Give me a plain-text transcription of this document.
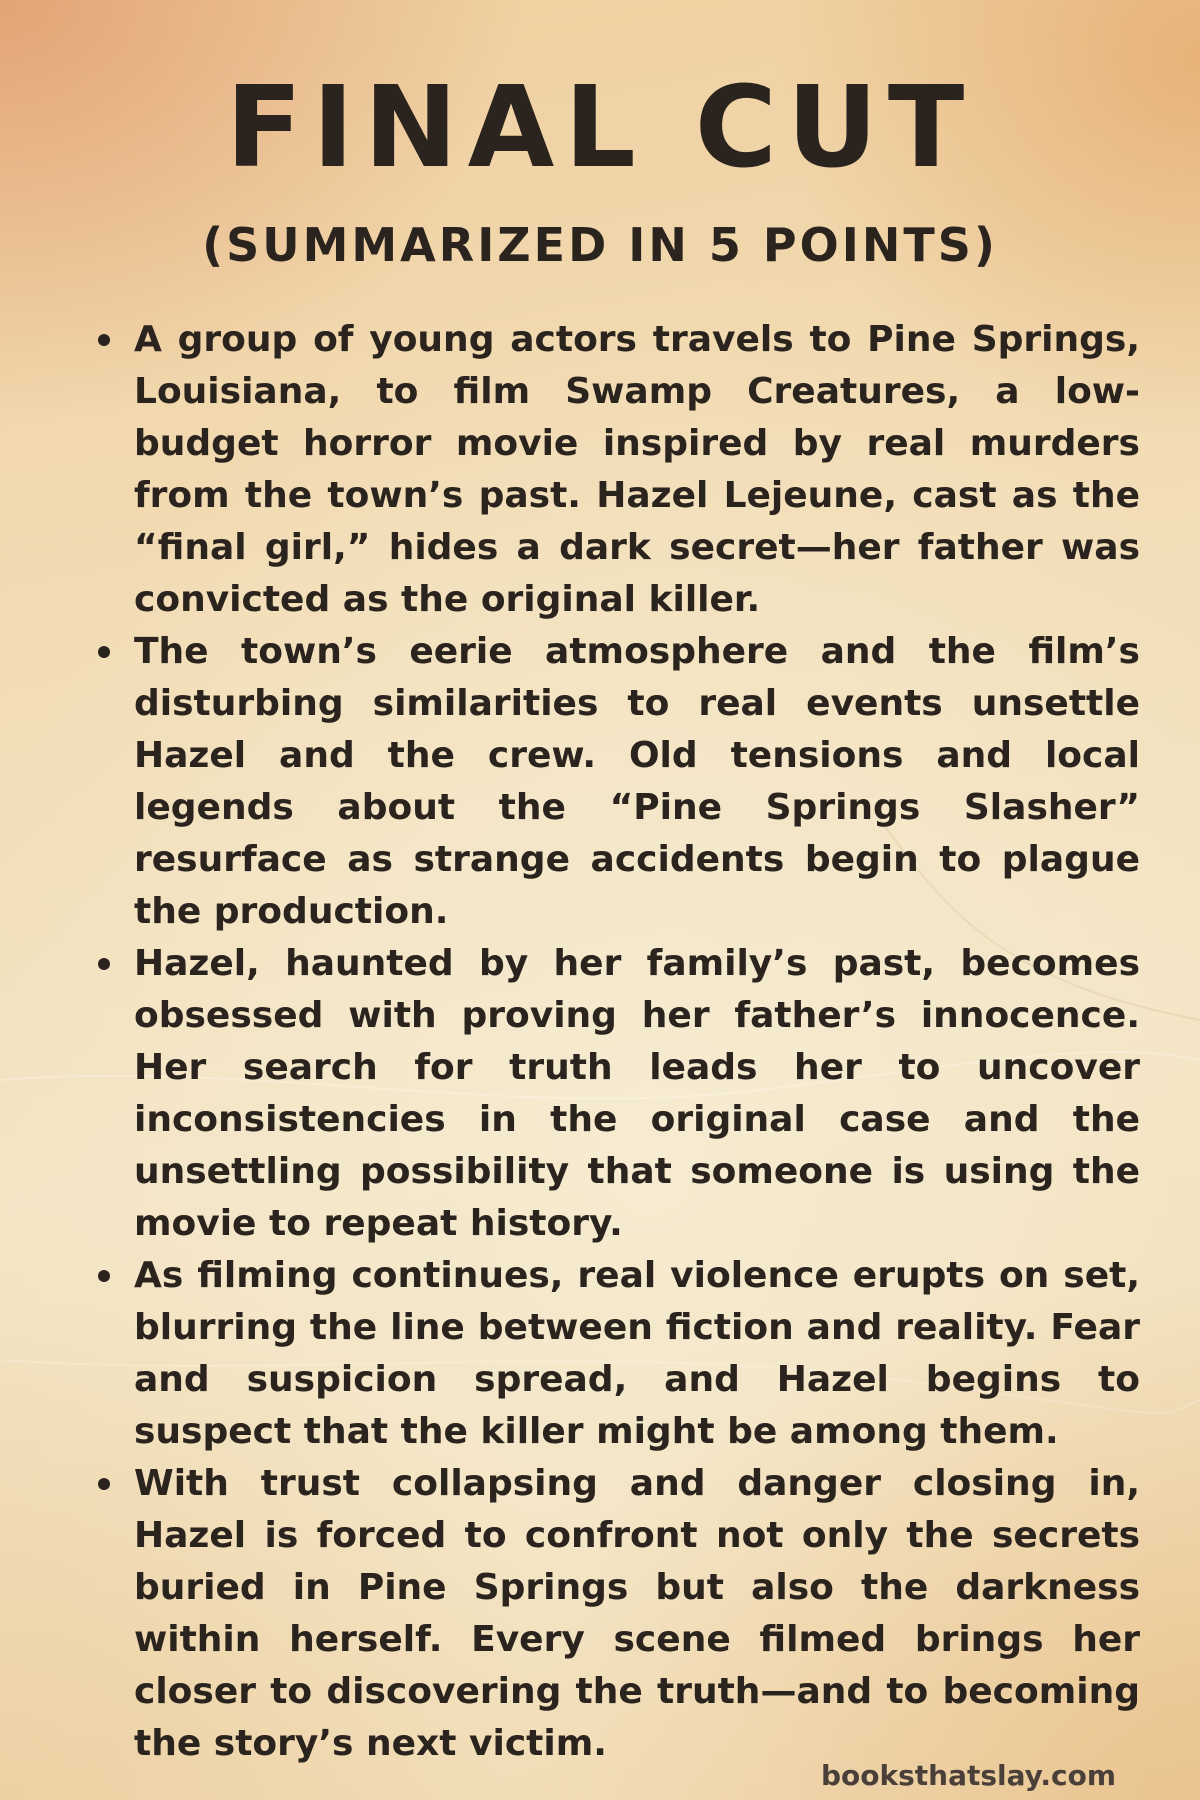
FINAL CUT
(SUMMARIZED IN 5 POINTS)
A group of young actors travels to Pine Springs, Louisiana, to film Swamp Creatures, a low-budget horror movie inspired by real murders from the town’s past. Hazel Lejeune, cast as the “final girl,” hides a dark secret—her father was convicted as the original killer.
The town’s eerie atmosphere and the film’s disturbing similarities to real events unsettle Hazel and the crew. Old tensions and local legends about the “Pine Springs Slasher” resurface as strange accidents begin to plague the production.
Hazel, haunted by her family’s past, becomes obsessed with proving her father’s innocence. Her search for truth leads her to uncover inconsistencies in the original case and the unsettling possibility that someone is using the movie to repeat history.
As filming continues, real violence erupts on set, blurring the line between fiction and reality. Fear and suspicion spread, and Hazel begins to suspect that the killer might be among them.
With trust collapsing and danger closing in, Hazel is forced to confront not only the secrets buried in Pine Springs but also the darkness within herself. Every scene filmed brings her closer to discovering the truth—and to becoming the story’s next victim.
booksthatslay.com
